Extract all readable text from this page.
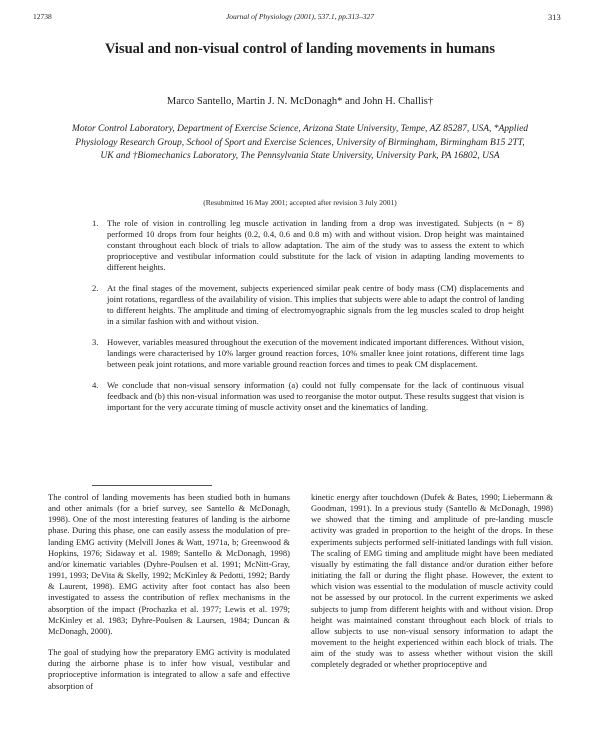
12738	Journal of Physiology (2001), 537.1, pp.313–327	313
Visual and non-visual control of landing movements in humans
Marco Santello, Martin J. N. McDonagh* and John H. Challis†

Motor Control Laboratory, Department of Exercise Science, Arizona State University, Tempe, AZ 85287, USA, *Applied Physiology Research Group, School of Sport and Exercise Sciences, University of Birmingham, Birmingham B15 2TT, UK and †Biomechanics Laboratory, The Pennsylvania State University, University Park, PA 16802, USA

(Resubmitted 16 May 2001; accepted after revision 3 July 2001)
1. The role of vision in controlling leg muscle activation in landing from a drop was investigated. Subjects (n = 8) performed 10 drops from four heights (0.2, 0.4, 0.6 and 0.8 m) with and without vision. Drop height was maintained constant throughout each block of trials to allow adaptation. The aim of the study was to assess the extent to which proprioceptive and vestibular information could substitute for the lack of vision in adapting landing movements to different heights.
2. At the final stages of the movement, subjects experienced similar peak centre of body mass (CM) displacements and joint rotations, regardless of the availability of vision. This implies that subjects were able to adapt the control of landing to different heights. The amplitude and timing of electromyographic signals from the leg muscles scaled to drop height in a similar fashion with and without vision.
3. However, variables measured throughout the execution of the movement indicated important differences. Without vision, landings were characterised by 10% larger ground reaction forces, 10% smaller knee joint rotations, different time lags between peak joint rotations, and more variable ground reaction forces and times to peak CM displacement.
4. We conclude that non-visual sensory information (a) could not fully compensate for the lack of continuous visual feedback and (b) this non-visual information was used to reorganise the motor output. These results suggest that vision is important for the very accurate timing of muscle activity onset and the kinematics of landing.

The control of landing movements has been studied both in humans and other animals (for a brief survey, see Santello & McDonagh, 1998). One of the most interesting features of landing is the airborne phase. During this phase, one can easily assess the modulation of pre-landing EMG activity (Melvill Jones & Watt, 1971a, b; Greenwood & Hopkins, 1976; Sidaway et al. 1989; Santello & McDonagh, 1998) and/or kinematic variables (Dyhre-Poulsen et al. 1991; McNitt-Gray, 1991, 1993; DeVita & Skelly, 1992; McKinley & Pedotti, 1992; Bardy & Laurent, 1998). EMG activity after foot contact has also been investigated to assess the contribution of reflex mechanisms in the absorption of the impact (Prochazka et al. 1977; Lewis et al. 1979; McKinley et al. 1983; Dyhre-Poulsen & Laursen, 1984; Duncan & McDonagh, 2000).

The goal of studying how the preparatory EMG activity is modulated during the airborne phase is to infer how visual, vestibular and proprioceptive information is integrated to allow a safe and effective absorption of

kinetic energy after touchdown (Dufek & Bates, 1990; Liebermann & Goodman, 1991). In a previous study (Santello & McDonagh, 1998) we showed that the timing and amplitude of pre-landing muscle activity was graded in proportion to the height of the drops. In these experiments subjects performed self-initiated landings with full vision. The scaling of EMG timing and amplitude might have been mediated visually by estimating the fall distance and/or duration either before initiating the fall or during the flight phase. However, the extent to which vision was essential to the modulation of muscle activity could not be assessed by our protocol. In the current experiments we asked subjects to jump from different heights with and without vision. Drop height was maintained constant throughout each block of trials to allow subjects to use non-visual sensory information to adapt the movement to the height experienced within each block of trials. The aim of the study was to assess whether without vision the skill completely degraded or whether proprioceptive and
